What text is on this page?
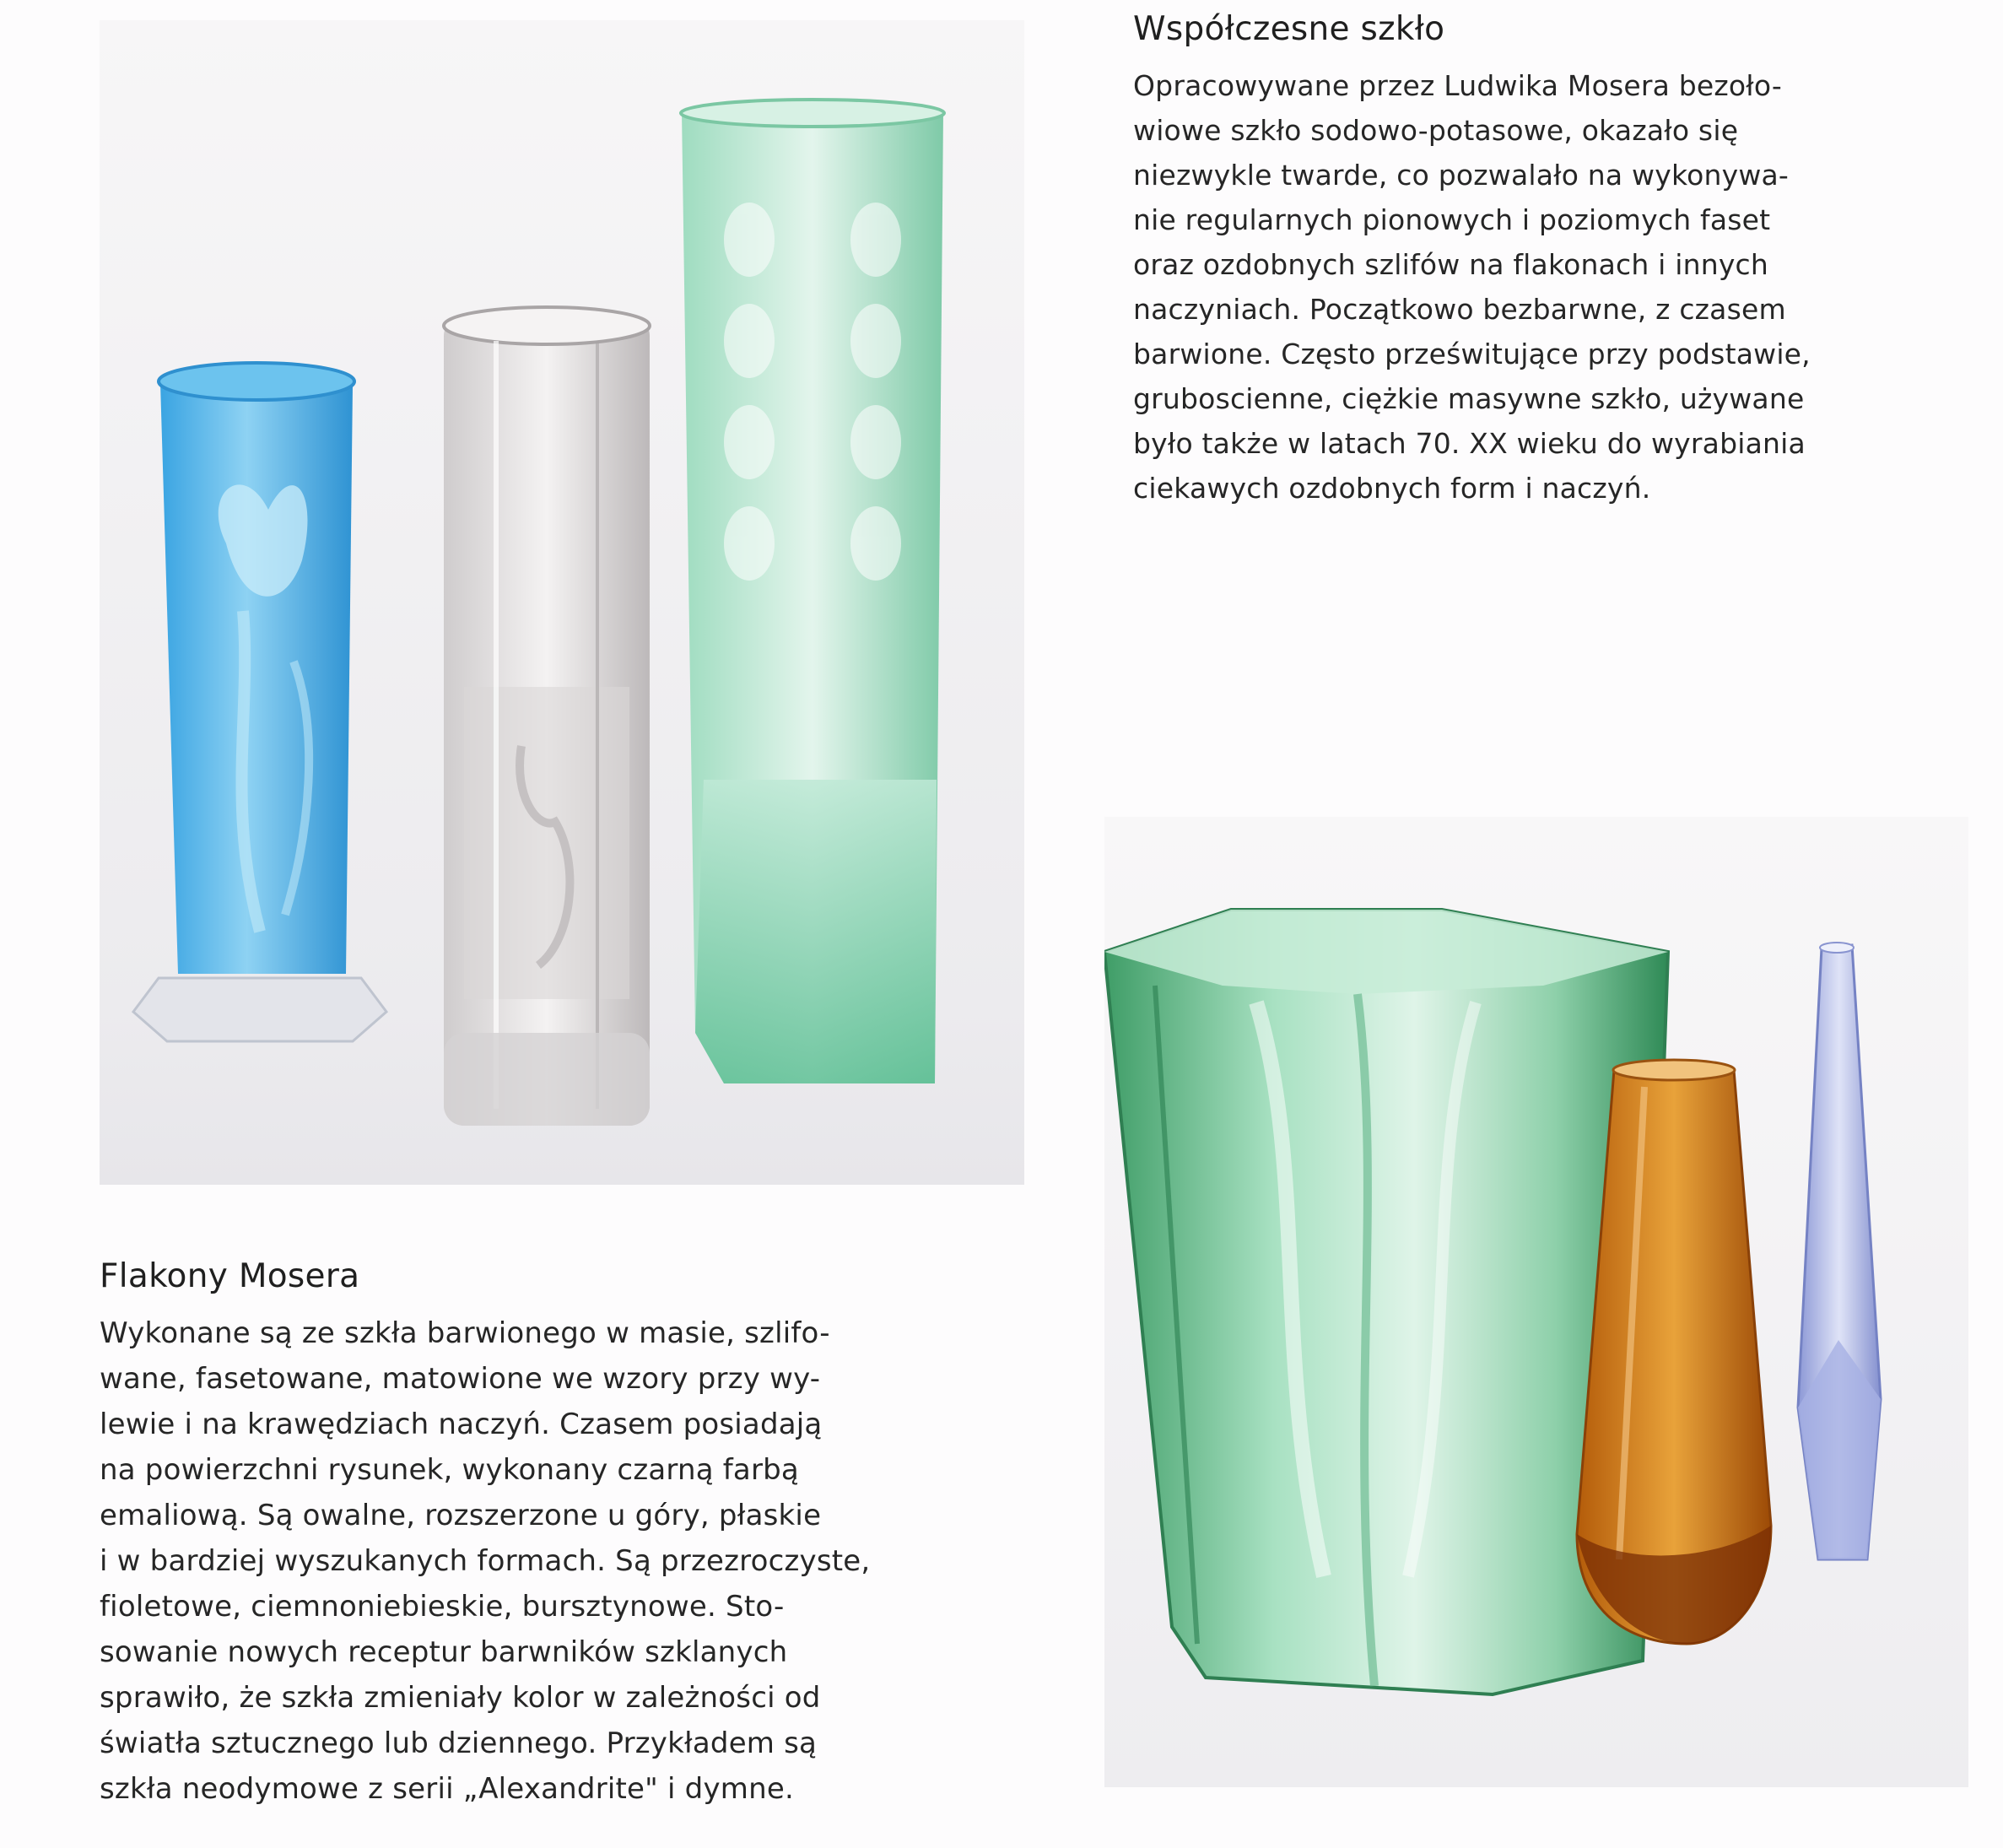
Współczesne szkło
Opracowywane przez Ludwika Mosera bezoło-
wiowe szkło sodowo-potasowe, okazało się
niezwykle twarde, co pozwalało na wykonywa-
nie regularnych pionowych i poziomych faset
oraz ozdobnych szlifów na flakonach i innych
naczyniach. Początkowo bezbarwne, z czasem
barwione. Często prześwitujące przy podstawie,
gruboscienne, ciężkie masywne szkło, używane
było także w latach 70. XX wieku do wyrabiania
ciekawych ozdobnych form i naczyń.
Flakony Mosera
Wykonane są ze szkła barwionego w masie, szlifo-
wane, fasetowane, matowione we wzory przy wy-
lewie i na krawędziach naczyń. Czasem posiadają
na powierzchni rysunek, wykonany czarną farbą
emaliową. Są owalne, rozszerzone u góry, płaskie
i w bardziej wyszukanych formach. Są przezroczyste,
fioletowe, ciemnoniebieskie, bursztynowe. Sto-
sowanie nowych receptur barwników szklanych
sprawiło, że szkła zmieniały kolor w zależności od
światła sztucznego lub dziennego. Przykładem są
szkła neodymowe z serii „Alexandrite" i dymne.
